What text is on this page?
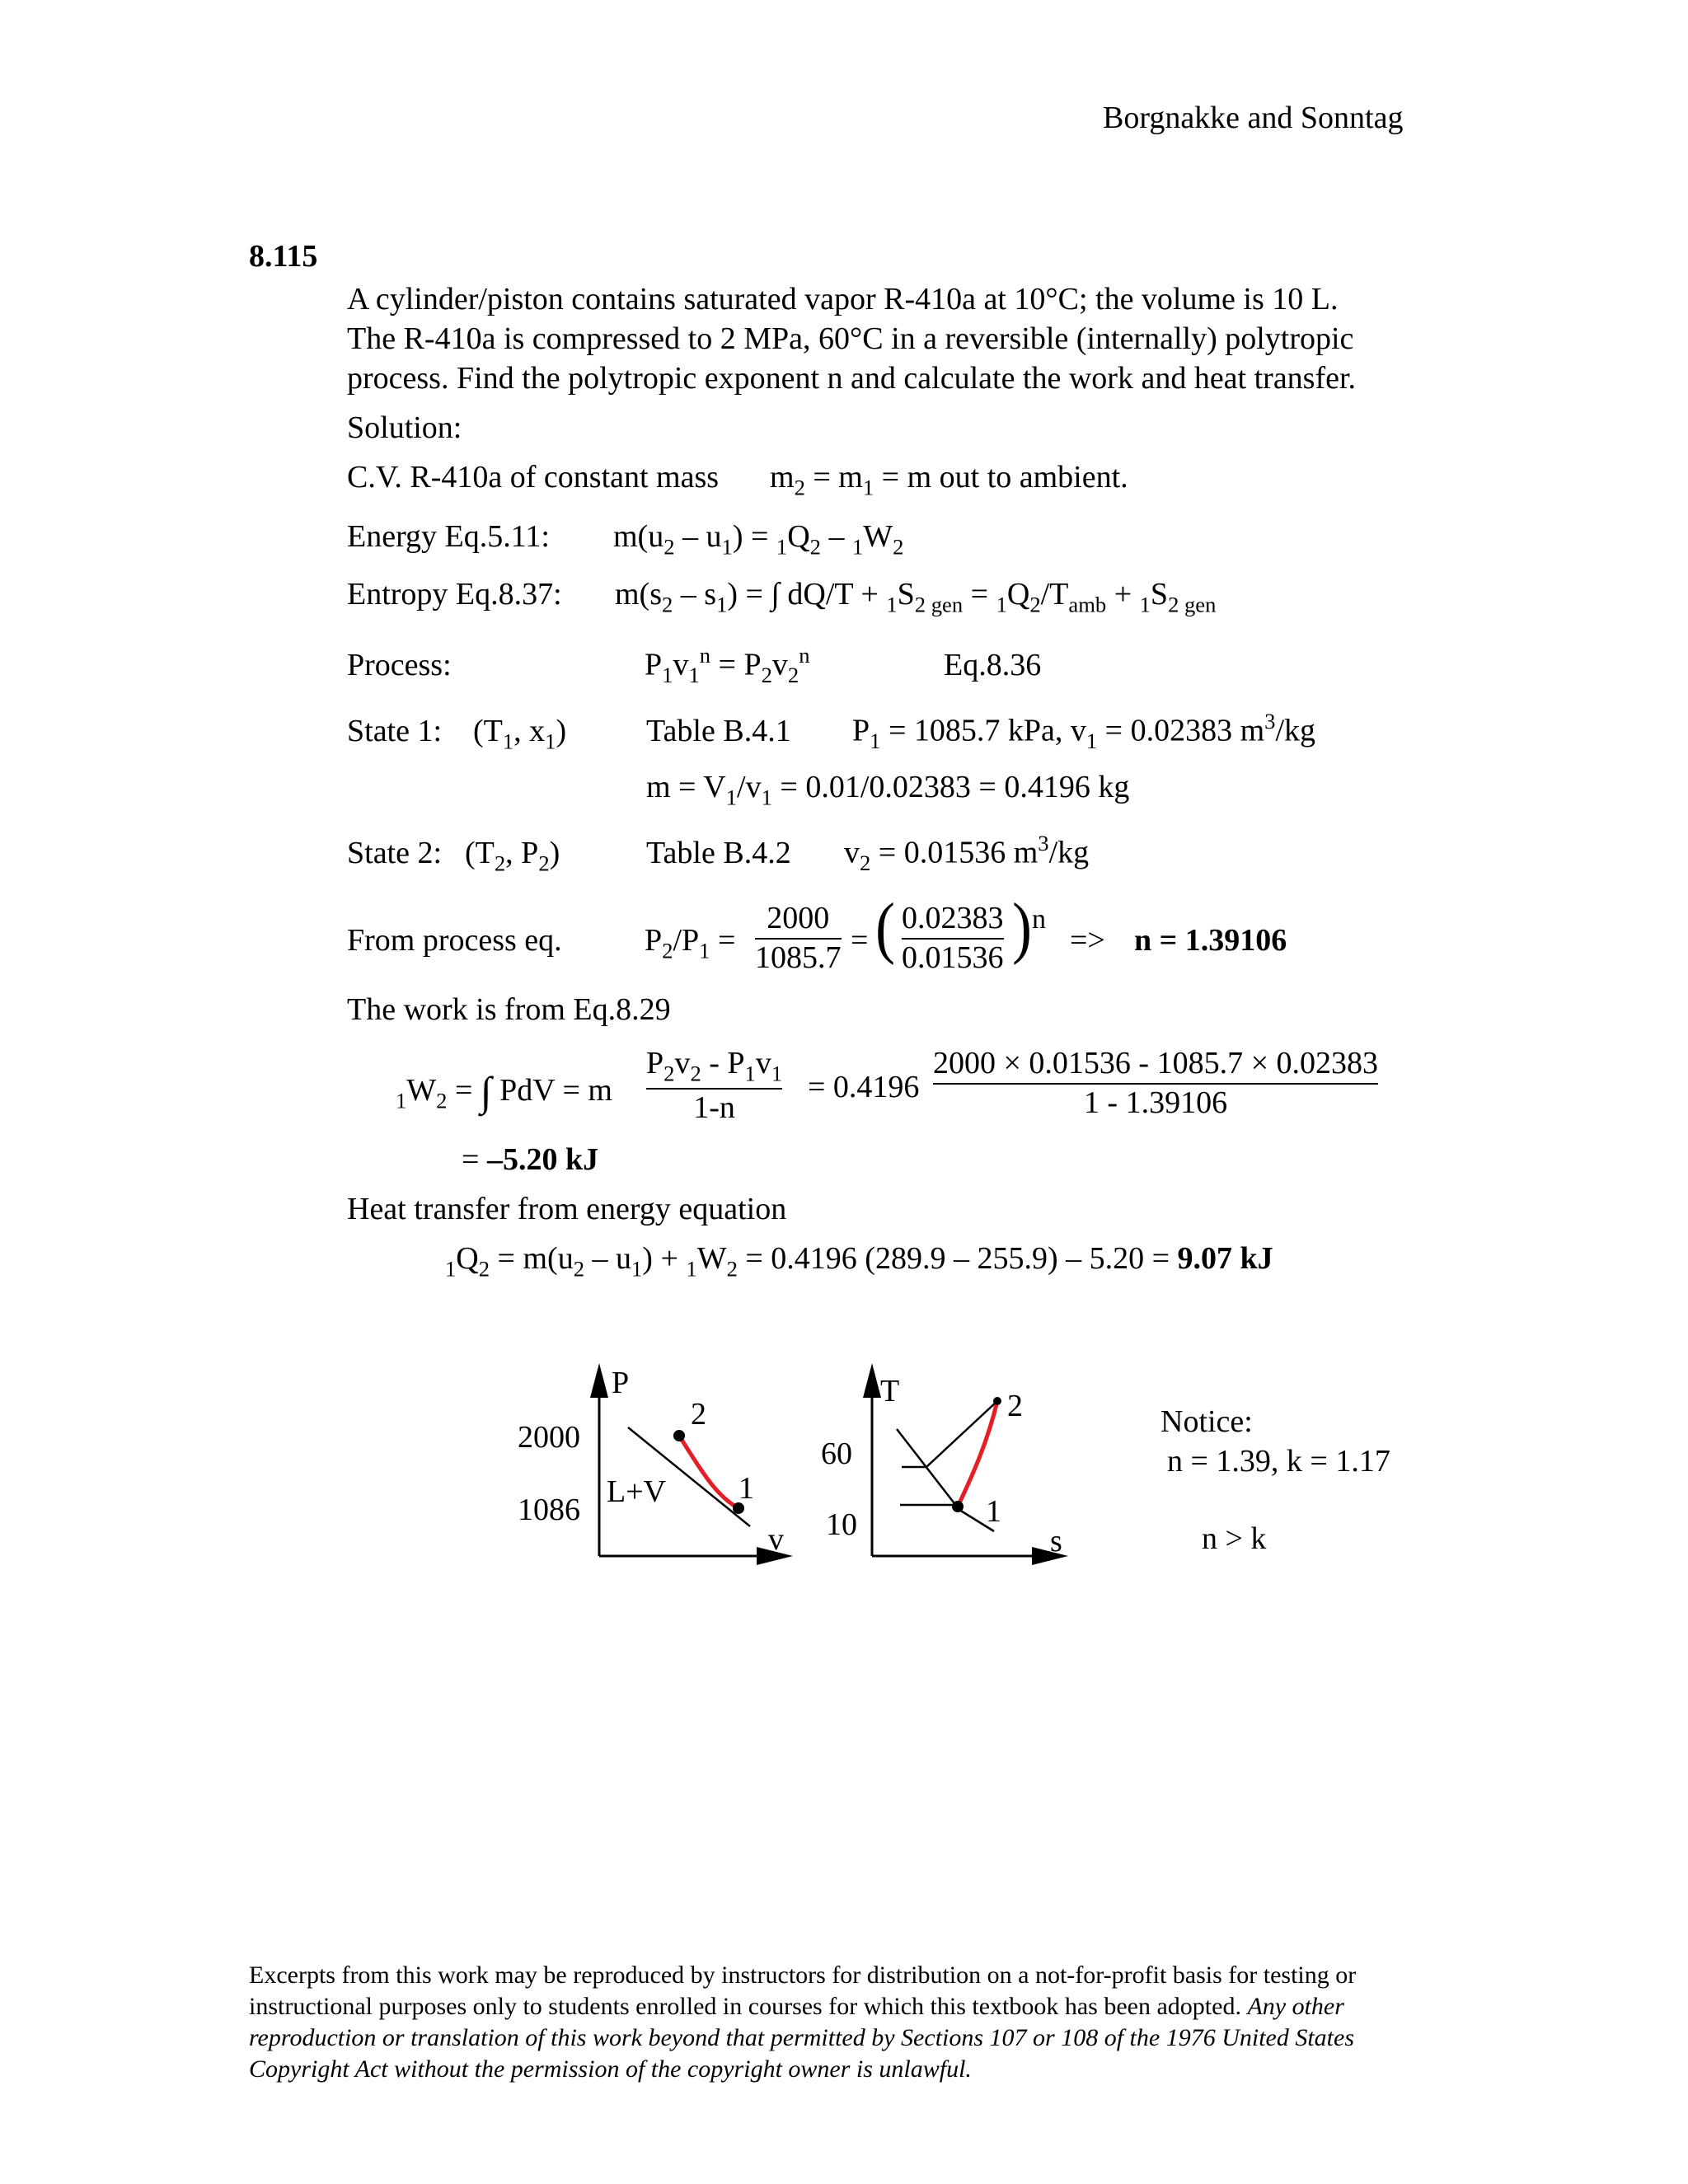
Borgnakke and Sonntag
8.115
A cylinder/piston contains saturated vapor R-410a at 10°C; the volume is 10 L.
The R-410a is compressed to 2 MPa, 60°C in a reversible (internally) polytropic
process. Find the polytropic exponent n and calculate the work and heat transfer.
Solution:
C.V. R-410a of constant mass $m_2 = m_1 = m$ out to ambient.
Energy Eq.5.11: $m(u_2 - u_1) = _1Q_2 - _1W_2$
Entropy Eq.8.37: $m(s_2 - s_1)$ = ∫ $dQ/T + _1S_{2 gen} = _1Q_2/T_{amb} + _1S_{2 gen}$
Process:	$P_1v_1^n = P_2v_2^n$	Eq.8.36
State 1: ($T_1$, $x_1$)	Table B.4.1 $P_1 = 1085.7$ kPa, $v_1 = 0.02383$ $m^3/kg$
$m = V_1/v_1 = 0.01/0.02383 = 0.4196$ kg
State 2: ($T_2$, $P_2$)	Table B.4.2 $v_2 = 0.01536$ $m^3/kg$
From process eq.	$P_2/P_1$ =
2000
1085.7 = ( 0.02383
0.01536 ) n
=> n = 1.39106
The work is from Eq.8.29
$_1W_2$ = ∫ PdV = m
$P_2v_2 - P_1v_1$
1-n
= 0.4196
2000 × 0.01536 - 1085.7 × 0.02383
1 - 1.39106
= –5.20 kJ
Heat transfer from energy equation
$_1Q_2 = m(u_2 - u_1) + _1W_2 = 0.4196$ (289.9 – 255.9) – 5.20 = 9.07 kJ
P
v
2000
1086
L+V
2
1
T
s
60
10
2
1
Notice:
n = 1.39, k = 1.17
n > k
Excerpts from this work may be reproduced by instructors for distribution on a not-for-profit basis for testing or instructional purposes only to students enrolled in courses for which this textbook has been adopted. Any other reproduction or translation of this work beyond that permitted by Sections 107 or 108 of the 1976 United States Copyright Act without the permission of the copyright owner is unlawful.
